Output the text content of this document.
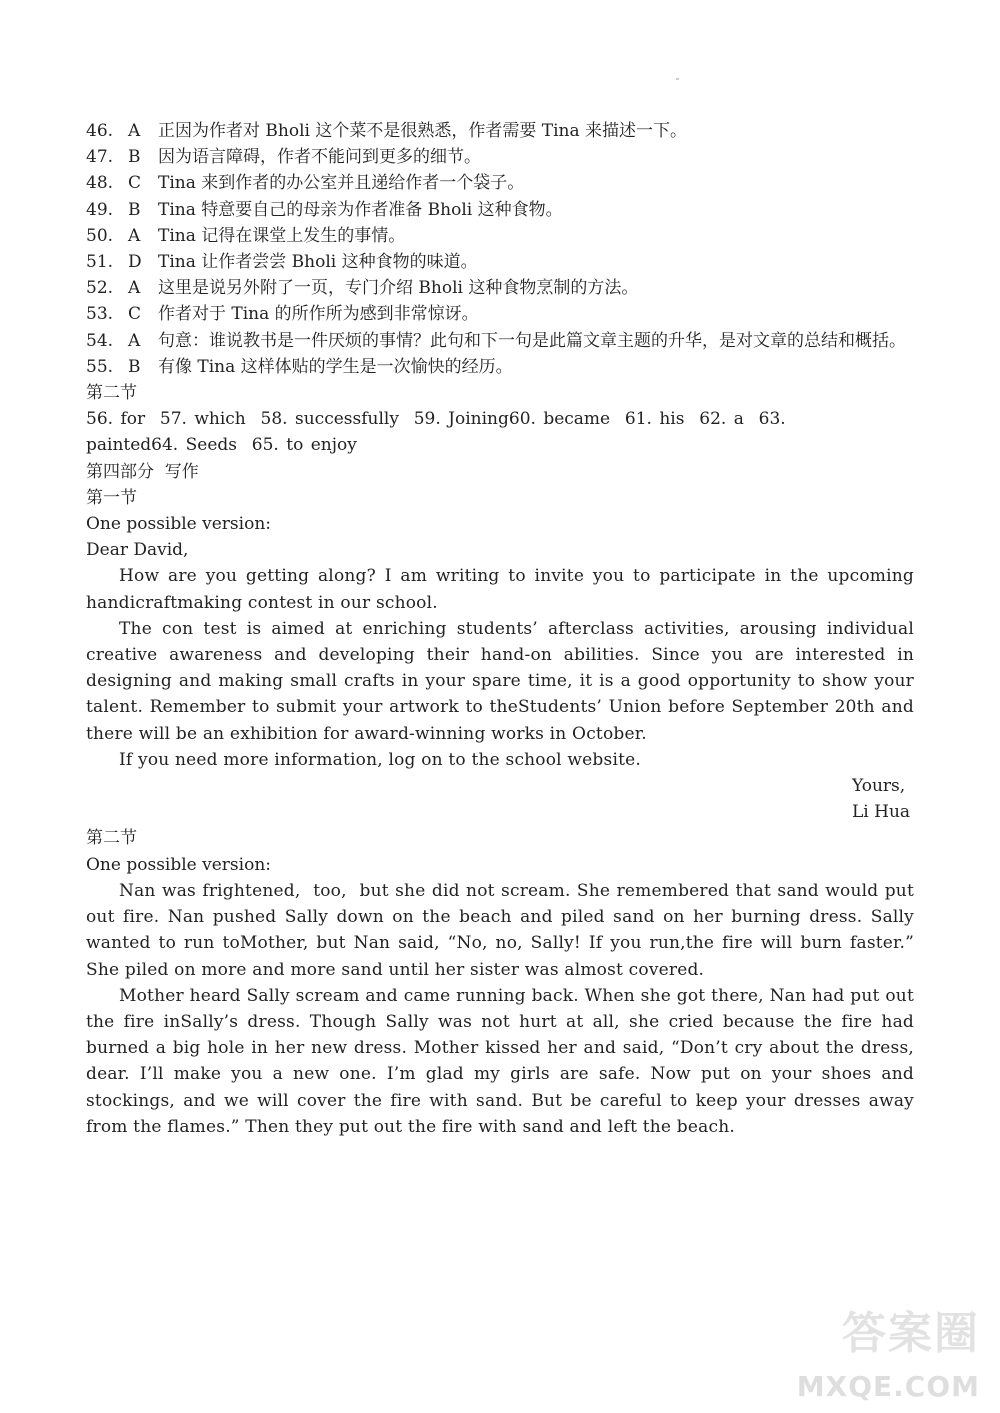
46. A	正因为作者对 Bholi 这个菜不是很熟悉，作者需要 Tina 来描述一下。
47. B	因为语言障碍，作者不能问到更多的细节。
48. C Tina 来到作者的办公室并且递给作者一个袋子。
49. B	Tina 特意要自己的母亲为作者准备 Bholi 这种食物。
50. A	Tina 记得在课堂上发生的事情。
51. D Tina 让作者尝尝 Bholi 这种食物的味道。
52. A	这里是说另外附了一页，专门介绍 Bholi 这种食物烹制的方法。
53. C 作者对于 Tina 的所作所为感到非常惊讶。
54. A	句意：谁说教书是一件厌烦的事情？此句和下一句是此篇文章主题的升华，是对文章的总结和概括。
55. B	有像 Tina 这样体贴的学生是一次愉快的经历。
第二节
56. for  57. which  58. successfully  59. Joining60. became  61. his  62. a  63.
painted64. Seeds  65. to enjoy
第四部分  写作
第一节
One possible version:
Dear David,
How are you getting along? I am writing to invite you to participate in the upcoming handicraftmaking contest in our school.
The con test is aimed at enriching students’ afterclass activities, arousing individual creative awareness and developing their hand-on abilities. Since you are interested in designing and making small crafts in your spare time, it is a good opportunity to show your talent. Remember to submit your artwork to theStudents’ Union before September 20th and there will be an exhibition for award-winning works in October.
If you need more information, log on to the school website.
Yours,
Li Hua
第二节
One possible version:
Nan was frightened,  too,  but she did not scream. She remembered that sand would put out fire. Nan pushed Sally down on the beach and piled sand on her burning dress. Sally wanted to run toMother, but Nan said, “No, no, Sally! If you run,the fire will burn faster.” She piled on more and more sand until her sister was almost covered.
Mother heard Sally scream and came running back. When she got there, Nan had put out the fire inSally’s dress. Though Sally was not hurt at all, she cried because the fire had burned a big hole in her new dress. Mother kissed her and said, “Don’t cry about the dress, dear. I’ll make you a new one. I’m glad my girls are safe. Now put on your shoes and stockings, and we will cover the fire with sand. But be careful to keep your dresses away from the flames.” Then they put out the fire with sand and left the beach.
答案圈
MXQE.COM
